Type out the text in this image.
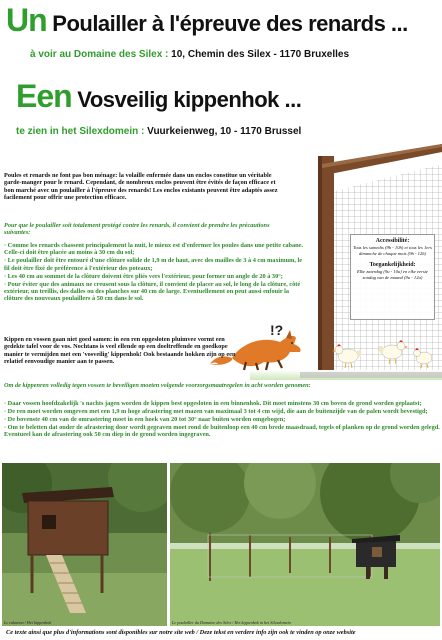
Un Poulailler à l'épreuve des renards ...
à voir au Domaine des Silex : 10, Chemin des Silex - 1170 Bruxelles
Een Vosveilig kippenhok ...
te zien in het Silexdomein : Vuurkeienweg, 10 - 1170 Brussel
Poules et renards ne font pas bon ménage: la volaille enfermée dans un enclos constitue un véritable garde-manger pour le renard. Cependant, de nombreux enclos peuvent être évités de façon efficace et bon marché avec un poulailler à l'épreuve des renards! Les enclos existants peuvent être adaptés assez facilement pour offrir une protection efficace.
Pour que le poulailler soit totalement protégé contre les renards, il convient de prendre les précautions suivantes:

· Comme les renards chassent principalement la nuit, le mieux est d'enfermer les poules dans une petite cabane. Celle-ci doit être placée au moins à 30 cm du sol;

· Le poulailler doit être entouré d'une clôture solide de 1,9 m de haut, avec des mailles de 3 à 4 cm maximum, le fil doit être fixé de préférence à l'extérieur des poteaux;

· Les 40 cm au sommet de la clôture doivent être pliés vers l'extérieur, pour former un angle de 20 à 30°;

· Pour éviter que des animaux ne creusent sous la clôture, il convient de placer au sol, le long de la clôture, côté extérieur, un treillis, des dalles ou des planches sur 40 cm de large. Eventuellement on peut aussi enfouir la clôture des nouveaux poulaillers à 50 cm dans le sol.

Accessibilité:
Tous les samedis (9h - 10h) et tous les 1ers dimanche de chaque mois (9h - 12h)
Toegankelijkheid:
Elke zaterdag (9u - 10u) en elke eerste zondag van de maand (9u - 12u)
!?
Kippen en vossen gaan niet goed samen: in een ren opgesloten pluimvee vormt een gedekte tafel voor de vos. Nochtans is veel ellende op een doeltreffende en goedkope manier te vermijden met een 'vosveilig' kippenhok! Ook bestaande hokken zijn op een relatief eenvoudige manier aan te passen.
Om de kippenren volledig tegen vossen te beveiligen moeten volgende voorzorgsmaatregelen in acht worden genomen:

· Daar vossen hoofdzakelijk 's nachts jagen worden de kippen best opgesloten in een binnenhok. Dit moet minstens 30 cm boven de grond worden geplaatst;

· De ren moet worden omgeven met een 1,9 m hoge afrastering met mazen van maximaal 3 tot 4 cm wijd, die aan de buitenzijde van de palen wordt bevestigd;

· De bovenste 40 cm van de omrastering moet in een hoek van 20 tot 30° naar buiten worden omgebogen;

· Om te beletten dat onder de afrastering door wordt gegraven moet rond de buitenloop een 40 cm brede maasdraad, tegels of planken op de grond worden gelegd. Eventueel kan de afrastering ook 50 cm diep in de grond worden ingegraven.

Le cabanon / Het kippenhok	Le poulailler du Domaine des Silex / Het kippenhok in het Silexdomein
Ce texte ainsi que plus d'informations sont disponibles sur notre site web / Deze tekst en verdere info zijn ook te vinden op onze website
